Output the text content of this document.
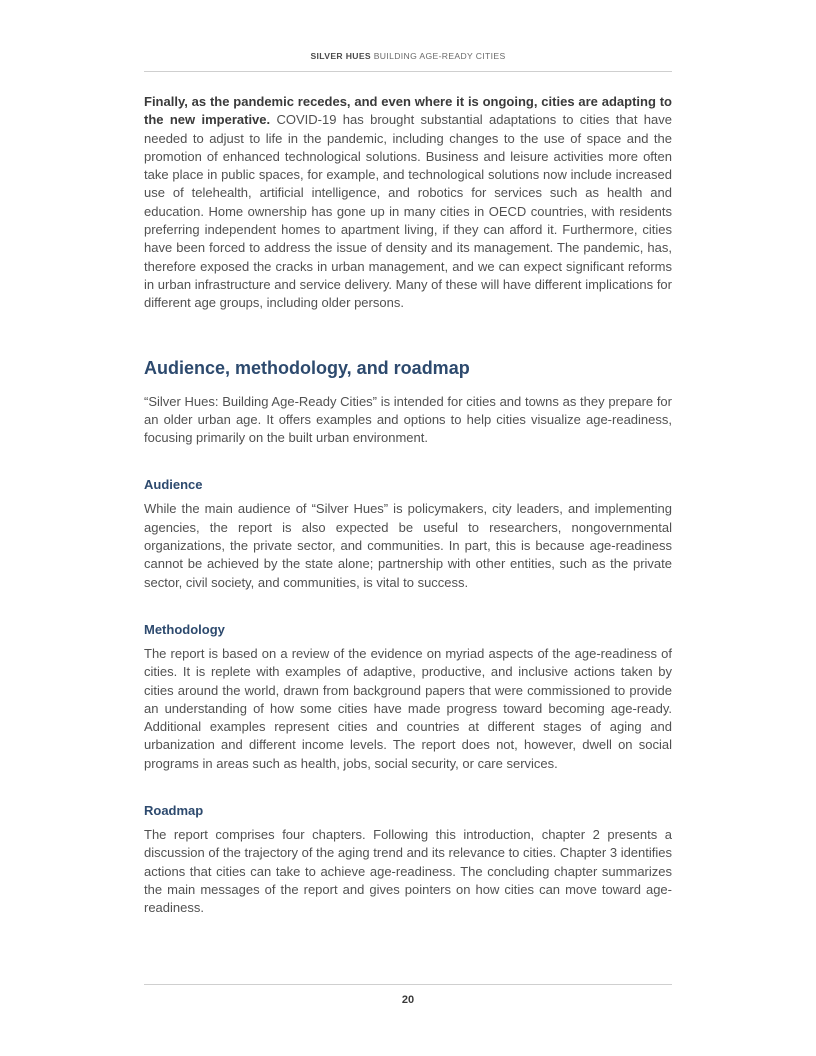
SILVER HUES BUILDING AGE-READY CITIES

Finally, as the pandemic recedes, and even where it is ongoing, cities are adapting to the new imperative. COVID-19 has brought substantial adaptations to cities that have needed to adjust to life in the pandemic, including changes to the use of space and the promotion of enhanced technological solutions. Business and leisure activities more often take place in public spaces, for example, and technological solutions now include increased use of telehealth, artificial intelligence, and robotics for services such as health and education. Home ownership has gone up in many cities in OECD countries, with residents preferring independent homes to apartment living, if they can afford it. Furthermore, cities have been forced to address the issue of density and its management. The pandemic, has, therefore exposed the cracks in urban management, and we can expect significant reforms in urban infrastructure and service delivery. Many of these will have different implications for different age groups, including older persons.

Audience, methodology, and roadmap

“Silver Hues: Building Age-Ready Cities” is intended for cities and towns as they prepare for an older urban age. It offers examples and options to help cities visualize age-readiness, focusing primarily on the built urban environment.

Audience

While the main audience of “Silver Hues” is policymakers, city leaders, and implementing agencies, the report is also expected be useful to researchers, nongovernmental organizations, the private sector, and communities. In part, this is because age-readiness cannot be achieved by the state alone; partnership with other entities, such as the private sector, civil society, and communities, is vital to success.

Methodology

The report is based on a review of the evidence on myriad aspects of the age-readiness of cities. It is replete with examples of adaptive, productive, and inclusive actions taken by cities around the world, drawn from background papers that were commissioned to provide an understanding of how some cities have made progress toward becoming age-ready. Additional examples represent cities and countries at different stages of aging and urbanization and different income levels. The report does not, however, dwell on social programs in areas such as health, jobs, social security, or care services.

Roadmap

The report comprises four chapters. Following this introduction, chapter 2 presents a discussion of the trajectory of the aging trend and its relevance to cities. Chapter 3 identifies actions that cities can take to achieve age-readiness. The concluding chapter summarizes the main messages of the report and gives pointers on how cities can move toward age-readiness.

20
